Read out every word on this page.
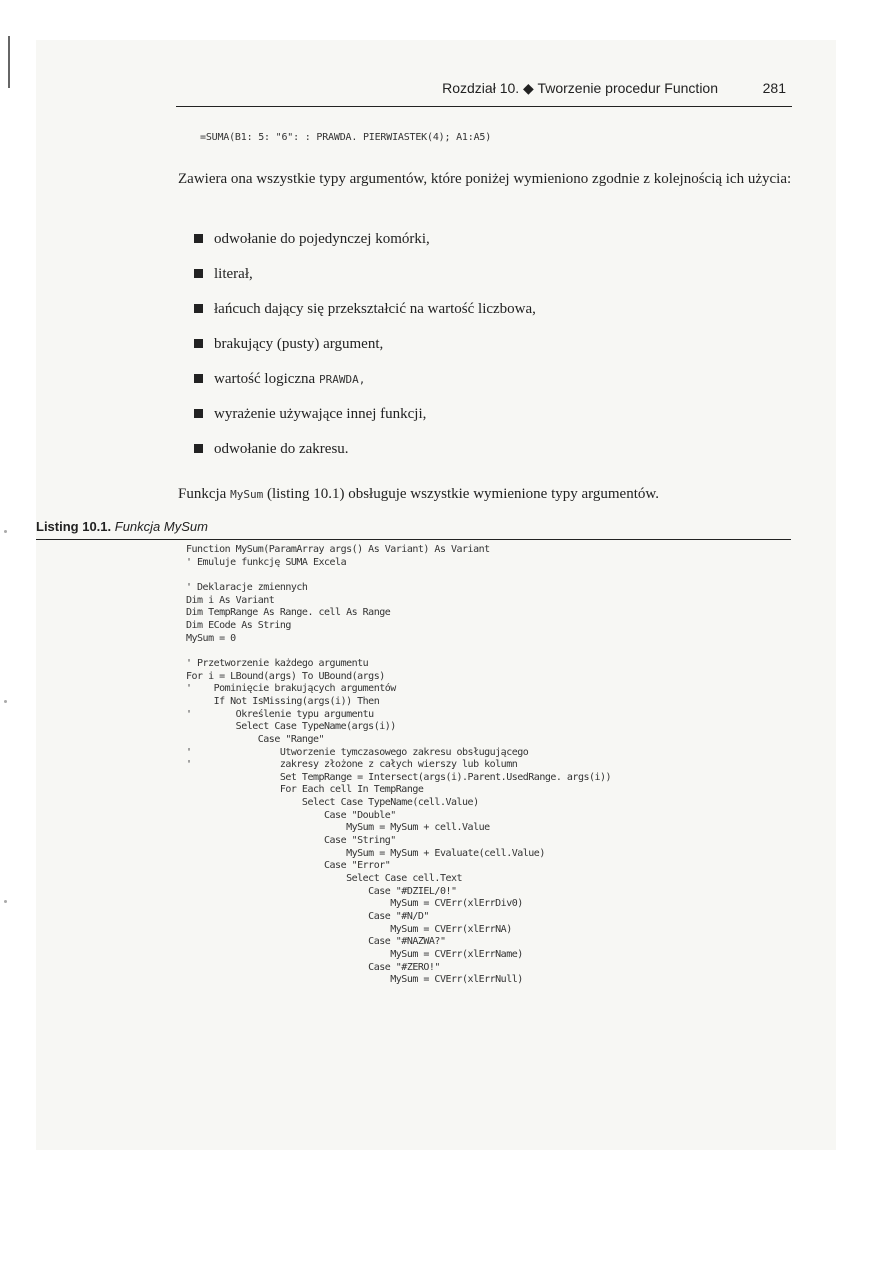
Rozdział 10. ◆ Tworzenie procedur Function	281
=SUMA(B1: 5: "6": : PRAWDA. PIERWIASTEK(4); A1:A5)
Zawiera ona wszystkie typy argumentów, które poniżej wymieniono zgodnie z kolejnością ich użycia:
odwołanie do pojedynczej komórki,
literał,
łańcuch dający się przekształcić na wartość liczbowa,
brakujący (pusty) argument,
wartość logiczna PRAWDA,
wyrażenie używające innej funkcji,
odwołanie do zakresu.
Funkcja MySum (listing 10.1) obsługuje wszystkie wymienione typy argumentów.
Listing 10.1. Funkcja MySum
Function MySum(ParamArray args() As Variant) As Variant
' Emuluje funkcję SUMA Excela

' Deklaracje zmiennych
Dim i As Variant
Dim TempRange As Range. cell As Range
Dim ECode As String
MySum = 0

' Przetworzenie każdego argumentu
For i = LBound(args) To UBound(args)
'    Pominięcie brakujących argumentów
If Not IsMissing(args(i)) Then
'        Określenie typu argumentu
Select Case TypeName(args(i))
Case "Range"
'                Utworzenie tymczasowego zakresu obsługującego
'                zakresy złożone z całych wierszy lub kolumn
Set TempRange = Intersect(args(i).Parent.UsedRange. args(i))
For Each cell In TempRange
Select Case TypeName(cell.Value)
Case "Double"
MySum = MySum + cell.Value
Case "String"
MySum = MySum + Evaluate(cell.Value)
Case "Error"
Select Case cell.Text
Case "#DZIEL/0!"
MySum = CVErr(xlErrDiv0)
Case "#N/D"
MySum = CVErr(xlErrNA)
Case "#NAZWA?"
MySum = CVErr(xlErrName)
Case "#ZERO!"
MySum = CVErr(xlErrNull)
